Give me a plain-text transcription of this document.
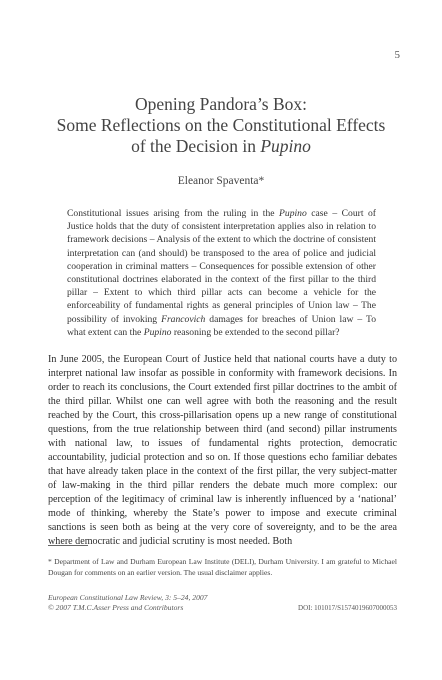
5
Opening Pandora’s Box:
Some Reflections on the Constitutional Effects
of the Decision in Pupino
Eleanor Spaventa*

Constitutional issues arising from the ruling in the Pupino case – Court of Justice holds that the duty of consistent interpretation applies also in relation to framework decisions – Analysis of the extent to which the doctrine of consistent interpretation can (and should) be transposed to the area of police and judicial cooperation in criminal matters – Consequences for possible extension of other constitutional doctrines elaborated in the context of the first pillar to the third pillar – Extent to which third pillar acts can become a vehicle for the enforceability of fundamental rights as general principles of Union law – The possibility of invoking Francovich damages for breaches of Union law – To what extent can the Pupino reasoning be extended to the second pillar?

In June 2005, the European Court of Justice held that national courts have a duty to interpret national law insofar as possible in conformity with framework decisions. In order to reach its conclusions, the Court extended first pillar doctrines to the ambit of the third pillar. Whilst one can well agree with both the reasoning and the result reached by the Court, this cross-pillarisation opens up a new range of constitutional questions, from the true relationship between third (and second) pillar instruments with national law, to issues of fundamental rights protection, democratic accountability, judicial protection and so on. If those questions echo familiar debates that have already taken place in the context of the first pillar, the very subject-matter of law-making in the third pillar renders the debate much more complex: our perception of the legitimacy of criminal law is inherently influenced by a ‘national’ mode of thinking, whereby the State’s power to impose and execute criminal sanctions is seen both as being at the very core of sovereignty, and to be the area where democratic and judicial scrutiny is most needed. Both

* Department of Law and Durham European Law Institute (DELI), Durham University. I am grateful to Michael Dougan for comments on an earlier version. The usual disclaimer applies.

European Constitutional Law Review, 3: 5–24, 2007
© 2007 T.M.C.Asser Press and Contributors	DOI: 101017/S1574019607000053
